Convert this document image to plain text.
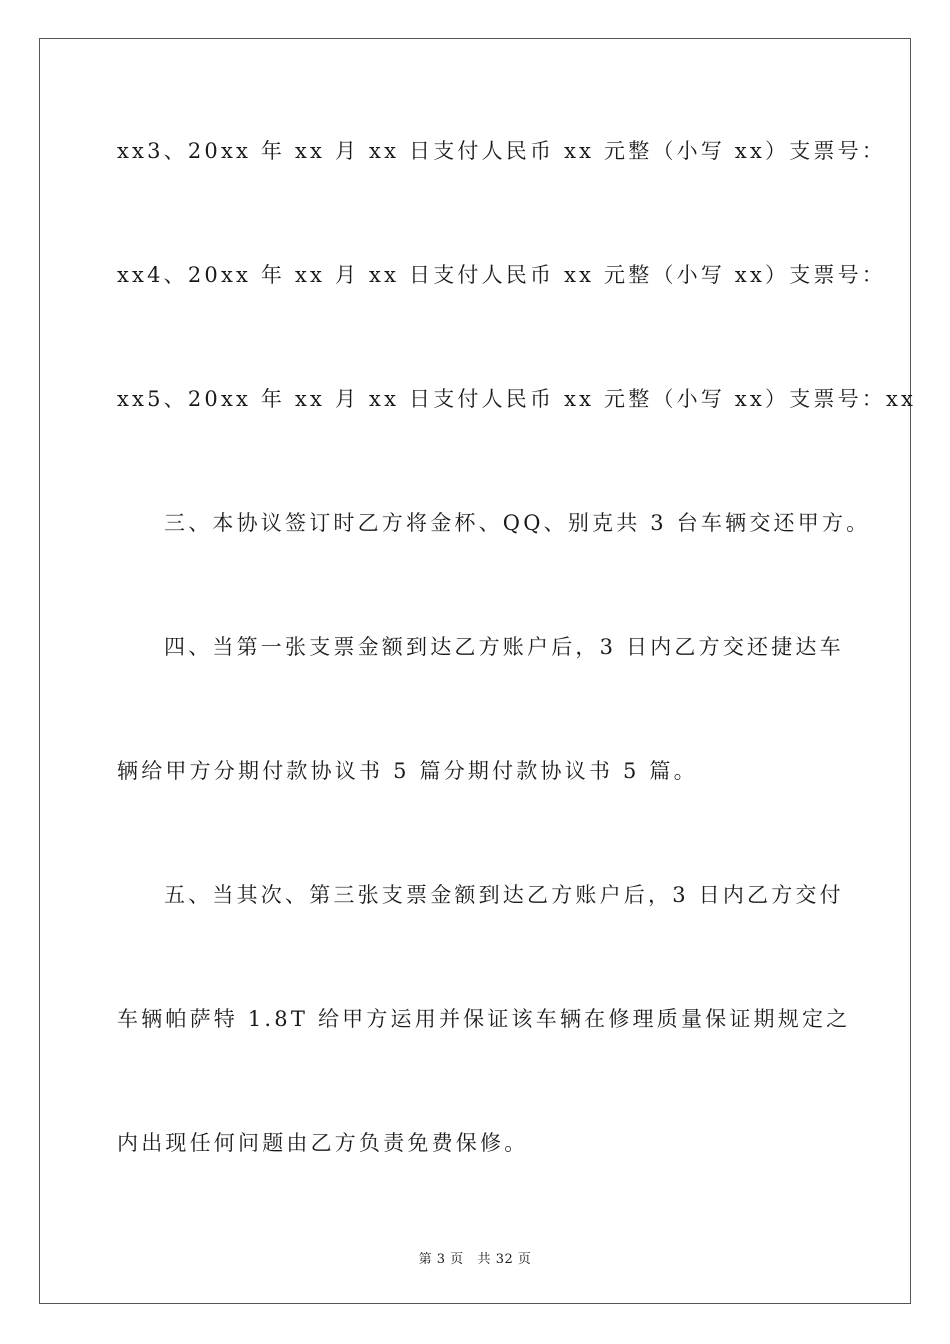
xx3、20xx 年 xx 月 xx 日支付人民币 xx 元整（小写 xx）支票号：
xx4、20xx 年 xx 月 xx 日支付人民币 xx 元整（小写 xx）支票号：
xx5、20xx 年 xx 月 xx 日支付人民币 xx 元整（小写 xx）支票号：xx
三、本协议签订时乙方将金杯、QQ、别克共 3 台车辆交还甲方。
四、当第一张支票金额到达乙方账户后，3 日内乙方交还捷达车
辆给甲方分期付款协议书 5 篇分期付款协议书 5 篇。
五、当其次、第三张支票金额到达乙方账户后，3 日内乙方交付
车辆帕萨特 1.8T 给甲方运用并保证该车辆在修理质量保证期规定之
内出现任何问题由乙方负责免费保修。
第 3 页   共 32 页
